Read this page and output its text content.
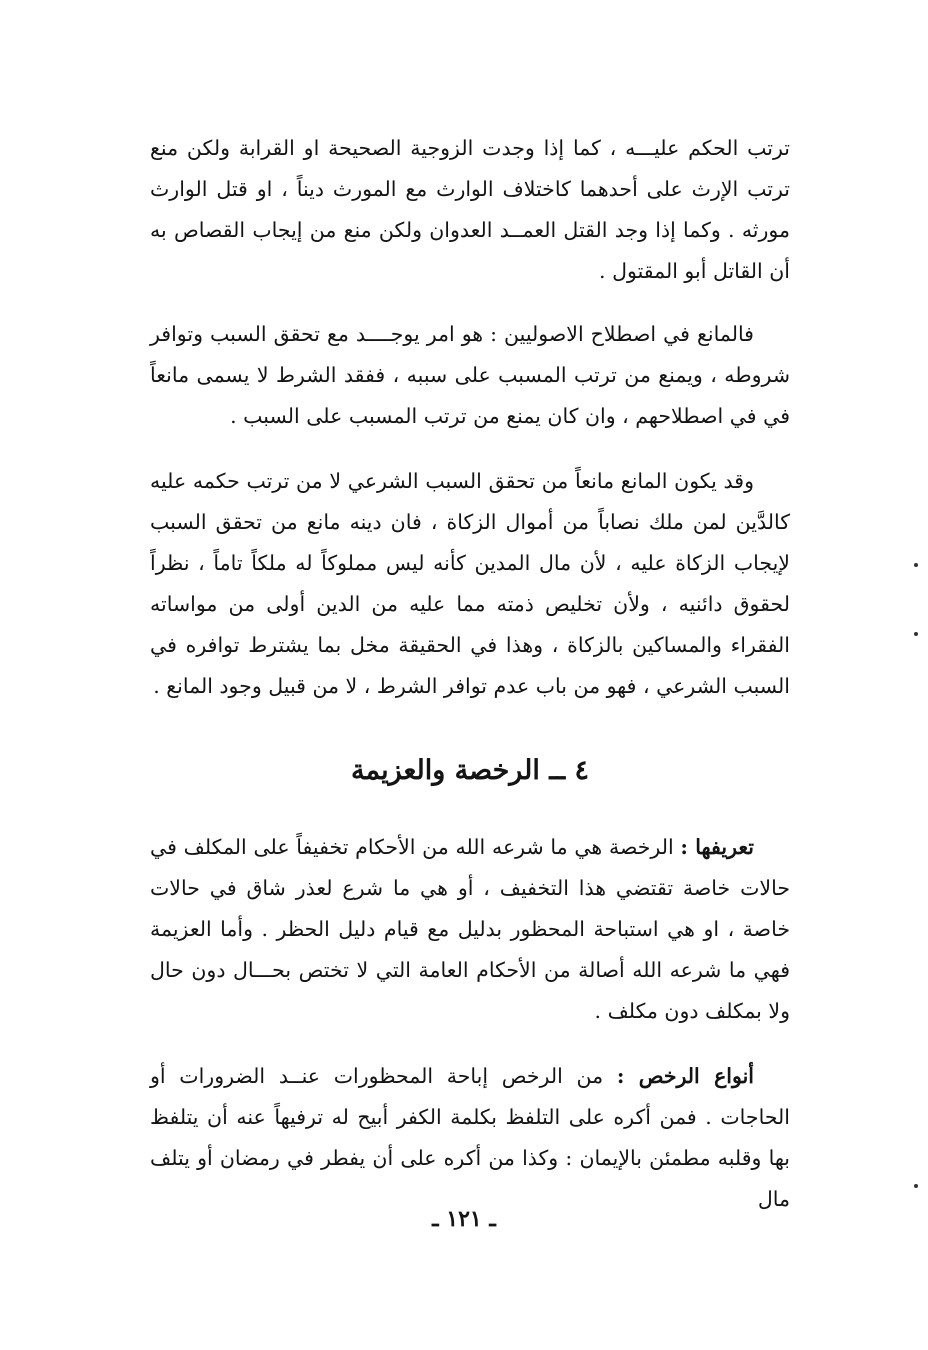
ترتب الحكم عليـــه ، كما إذا وجدت الزوجية الصحيحة او القرابة ولكن منع ترتب الإرث على أحدهما كاختلاف الوارث مع المورث ديناً ، او قتل الوارث مورثه . وكما إذا وجد القتل العمــد العدوان ولكن منع من إيجاب القصاص به أن القاتل أبو المقتول .

فالمانع في اصطلاح الاصوليين : هو امر يوجــــد مع تحقق السبب وتوافر شروطه ، ويمنع من ترتب المسبب على سببه ، ففقد الشرط لا يسمى مانعاً في في اصطلاحهم ، وان كان يمنع من ترتب المسبب على السبب .

وقد يكون المانع مانعاً من تحقق السبب الشرعي لا من ترتب حكمه عليه كالدَّين لمن ملك نصاباً من أموال الزكاة ، فان دينه مانع من تحقق السبب لإيجاب الزكاة عليه ، لأن مال المدين كأنه ليس مملوكاً له ملكاً تاماً ، نظراً لحقوق دائنيه ، ولأن تخليص ذمته مما عليه من الدين أولى من مواساته الفقراء والمساكين بالزكاة ، وهذا في الحقيقة مخل بما يشترط توافره في السبب الشرعي ، فهو من باب عدم توافر الشرط ، لا من قبيل وجود المانع .

٤ ــ الرخصة والعزيمة

تعريفها : الرخصة هي ما شرعه الله من الأحكام تخفيفاً على المكلف في حالات خاصة تقتضي هذا التخفيف ، أو هي ما شرع لعذر شاق في حالات خاصة ، او هي استباحة المحظور بدليل مع قيام دليل الحظر . وأما العزيمة فهي ما شرعه الله أصالة من الأحكام العامة التي لا تختص بحـــال دون حال ولا بمكلف دون مكلف .

أنواع الرخص : من الرخص إباحة المحظورات عنــد الضرورات أو الحاجات . فمن أكره على التلفظ بكلمة الكفر أبيح له ترفيهاً عنه أن يتلفظ بها وقلبه مطمئن بالإيمان : وكذا من أكره على أن يفطر في رمضان أو يتلف مال

ـ ١٢١ ـ
